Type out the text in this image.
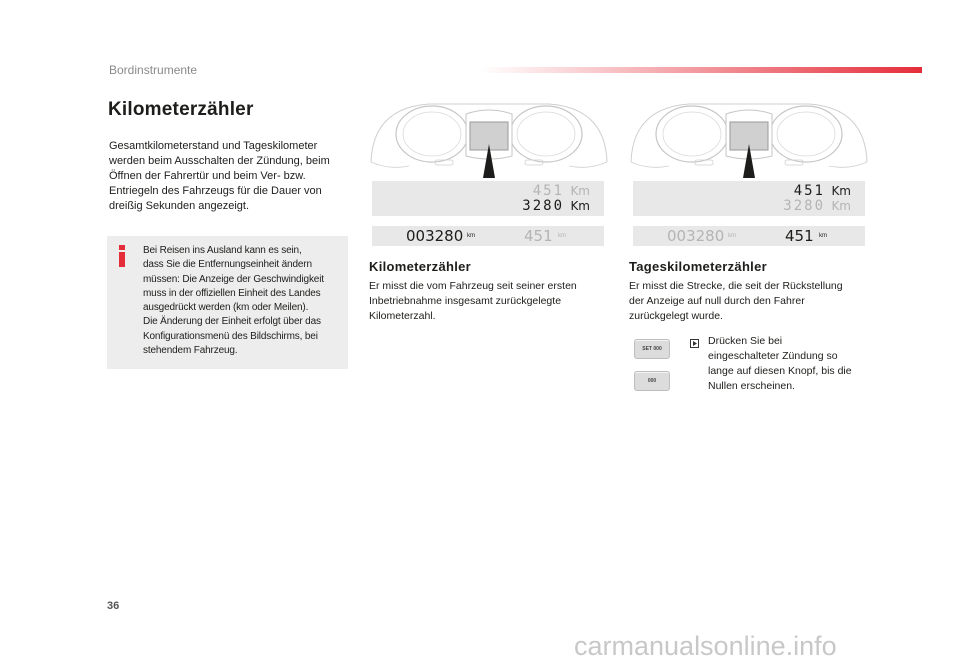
Bordinstrumente
Kilometerzähler
Gesamtkilometerstand und Tageskilometer
werden beim Ausschalten der Zündung, beim
Öffnen der Fahrertür und beim Ver- bzw.
Entriegeln des Fahrzeugs für die Dauer von
dreißig Sekunden angezeigt.
Bei Reisen ins Ausland kann es sein,
dass Sie die Entfernungseinheit ändern
müssen: Die Anzeige der Geschwindigkeit
muss in der offiziellen Einheit des Landes
ausgedrückt werden (km oder Meilen).
Die Änderung der Einheit erfolgt über das
Konfigurationsmenü des Bildschirms, bei
stehendem Fahrzeug.
451 Km
3280 Km
003280 km	451 km
Kilometerzähler
Er misst die vom Fahrzeug seit seiner ersten
Inbetriebnahme insgesamt zurückgelegte
Kilometerzahl.
451 Km
3280 Km
003280 km	451 km
Tageskilometerzähler
Er misst die Strecke, die seit der Rückstellung
der Anzeige auf null durch den Fahrer
zurückgelegt wurde.
SET 000
000
Drücken Sie bei
eingeschalteter Zündung so
lange auf diesen Knopf, bis die
Nullen erscheinen.
36
carmanualsonline.info
